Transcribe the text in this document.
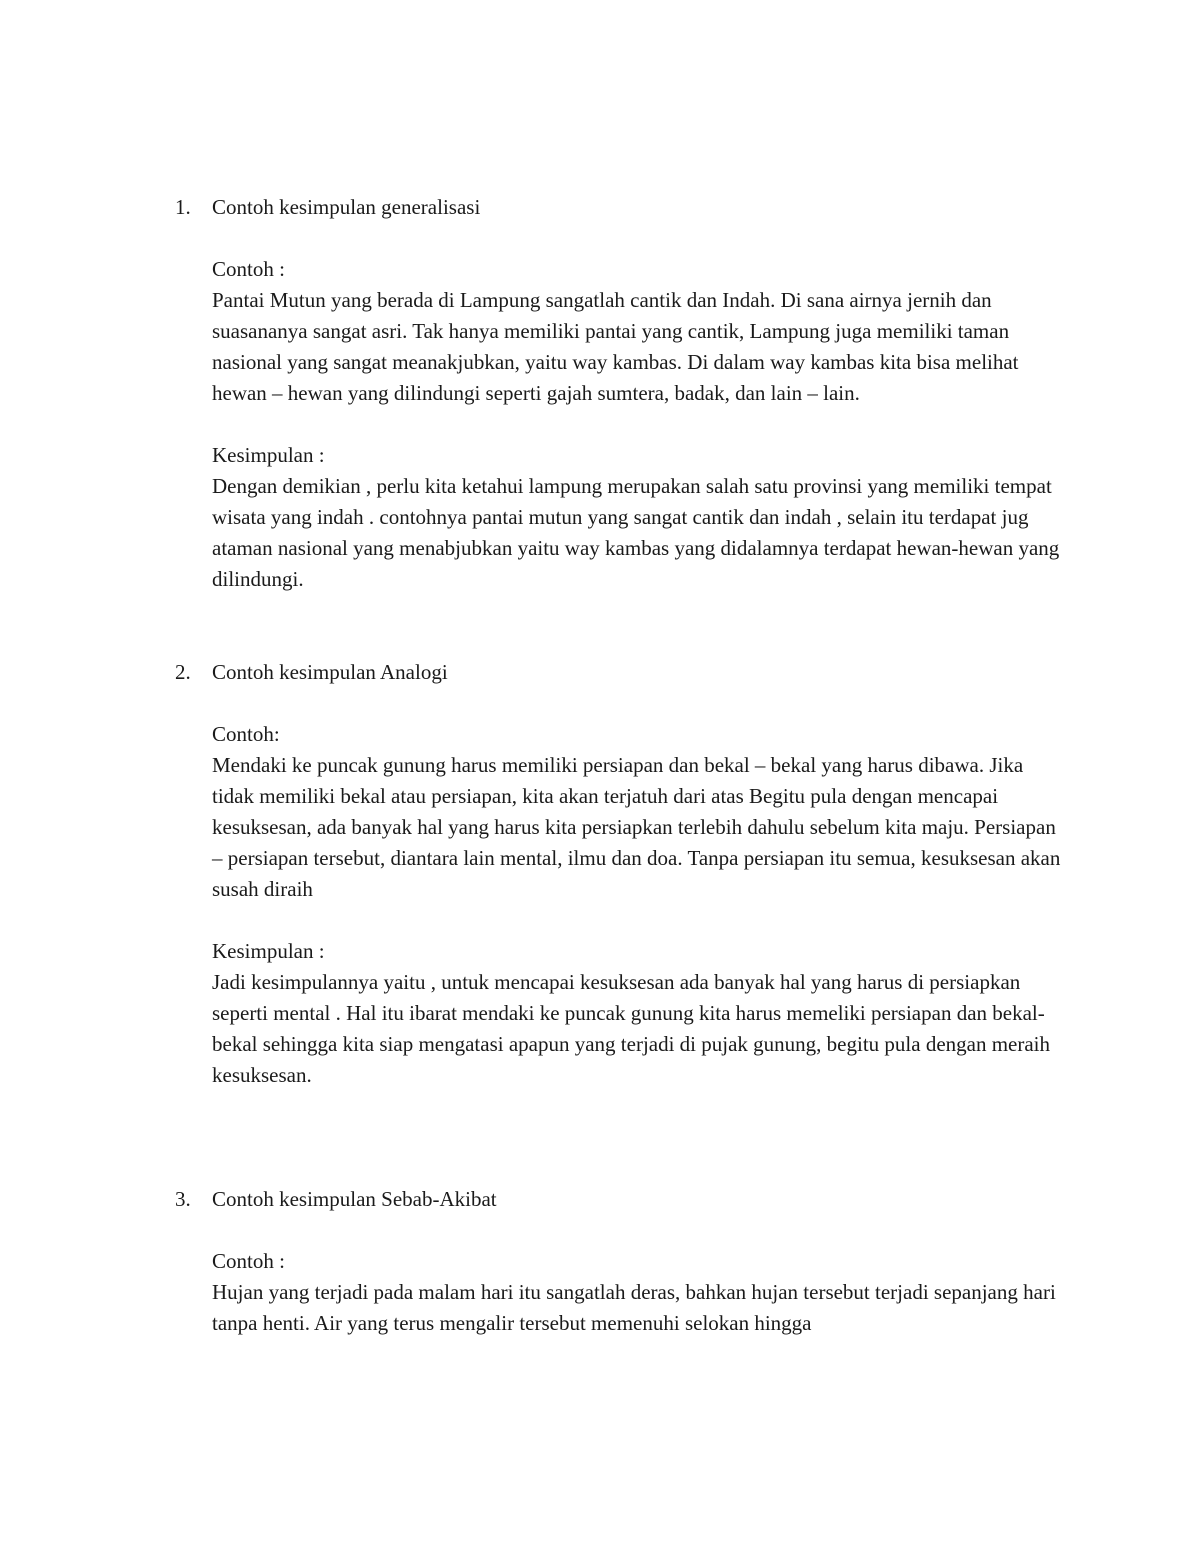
1.	Contoh kesimpulan generalisasi

Contoh :

Pantai Mutun yang berada di Lampung sangatlah cantik dan Indah. Di sana airnya jernih dan suasananya sangat asri. Tak hanya memiliki pantai yang cantik, Lampung juga memiliki taman nasional yang sangat meanakjubkan, yaitu way kambas. Di dalam way kambas kita bisa melihat hewan – hewan yang dilindungi seperti gajah sumtera, badak, dan lain – lain.

Kesimpulan :

Dengan demikian , perlu kita ketahui lampung merupakan salah satu provinsi yang memiliki tempat wisata yang indah . contohnya pantai mutun yang sangat cantik dan indah , selain itu terdapat jug ataman nasional yang menabjubkan yaitu way kambas yang didalamnya terdapat hewan-hewan yang dilindungi.

2.	Contoh kesimpulan Analogi

Contoh:

Mendaki ke puncak gunung harus memiliki persiapan dan bekal – bekal yang harus dibawa. Jika tidak memiliki bekal atau persiapan, kita akan terjatuh dari atas Begitu pula dengan mencapai kesuksesan, ada banyak hal yang harus kita persiapkan terlebih dahulu sebelum kita maju. Persiapan – persiapan tersebut, diantara lain mental, ilmu dan doa. Tanpa persiapan itu semua, kesuksesan akan susah diraih

Kesimpulan :

Jadi kesimpulannya yaitu , untuk mencapai kesuksesan ada banyak hal yang harus di persiapkan seperti mental . Hal itu ibarat mendaki ke puncak gunung kita harus memeliki persiapan dan bekal-bekal sehingga kita siap mengatasi apapun yang terjadi di pujak gunung, begitu pula dengan meraih kesuksesan.

3.	Contoh kesimpulan Sebab-Akibat

Contoh :

Hujan yang terjadi pada malam hari itu sangatlah deras, bahkan hujan tersebut terjadi sepanjang hari tanpa henti. Air yang terus mengalir tersebut memenuhi selokan hingga
